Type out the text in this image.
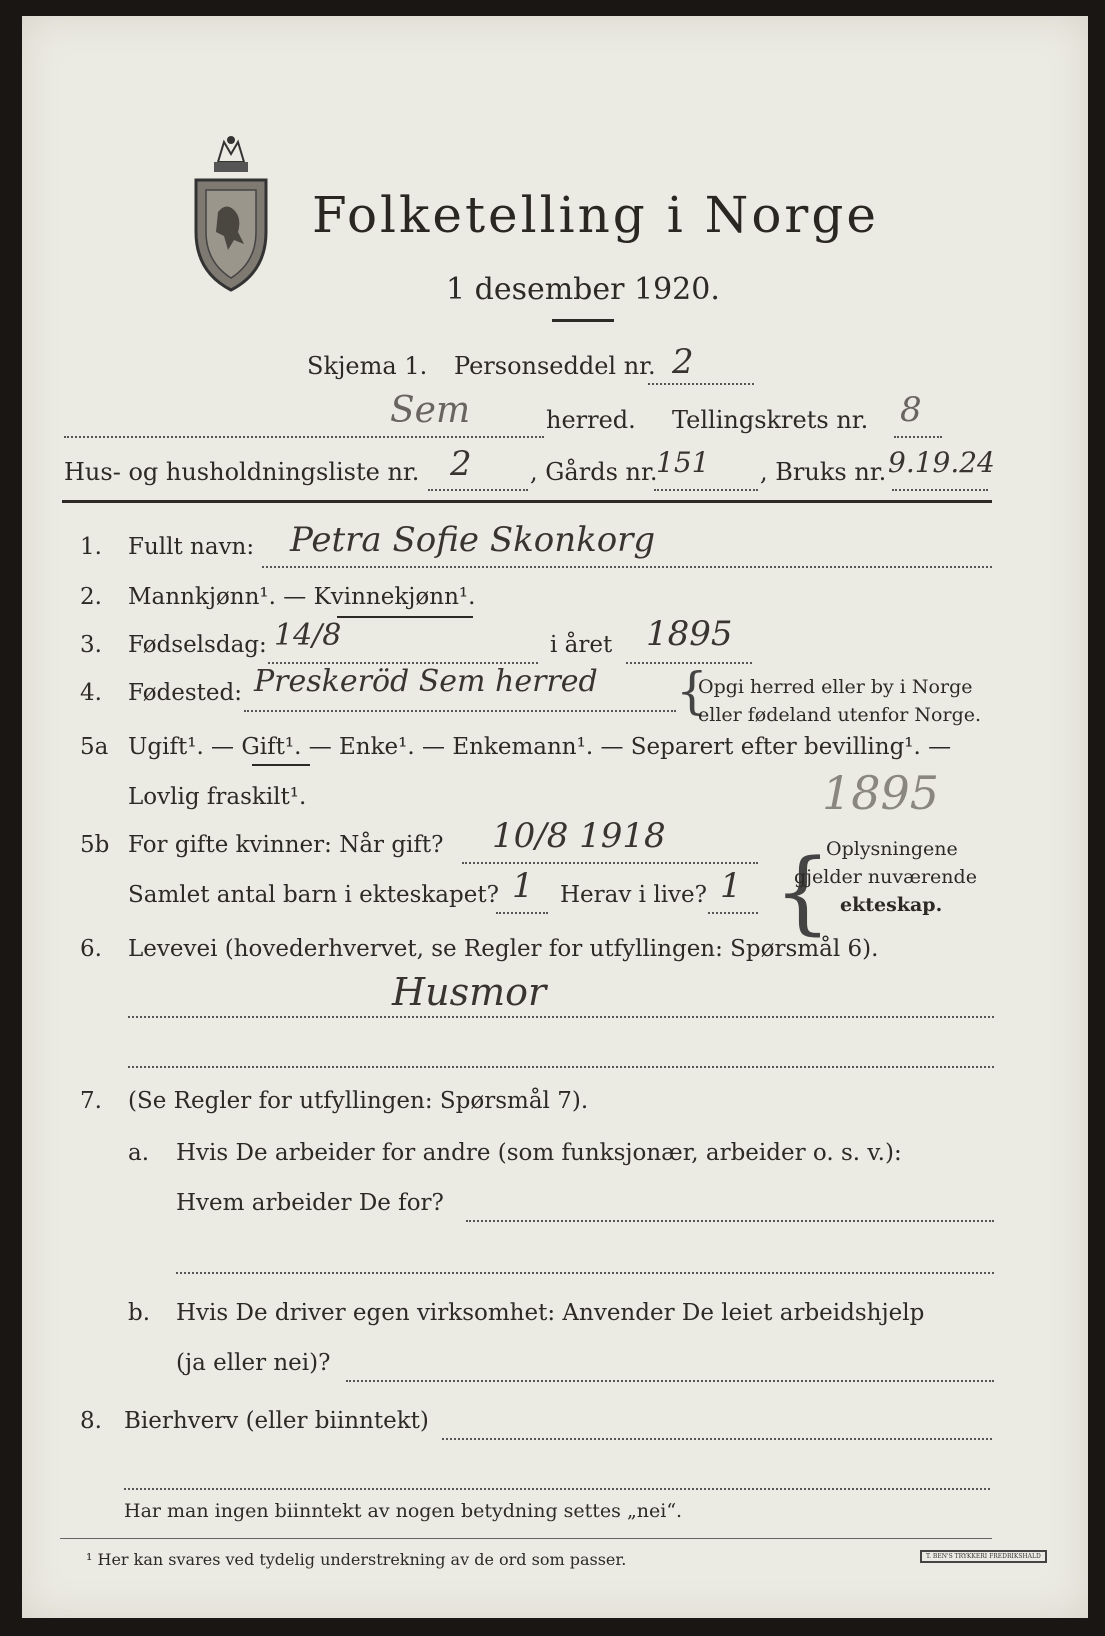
Folketelling i Norge
1 desember 1920.
Skjema 1. Personseddel nr. 2
Sem	herred. Tellingskrets nr. 8
Hus- og husholdningsliste nr. 2 , Gårds nr.
151 , Bruks nr. 9.19.24
1. Fullt navn: Petra Sofie Skonkorg
2. Mannkjønn¹. — Kvinnekjønn¹.
3. Fødselsdag: 14/8	i året 1895
4. Fødested: Preskeröd Sem herred {
Opgi herred eller by i Norge
eller fødeland utenfor Norge.
5a Ugift¹. — Gift¹. — Enke¹. — Enkemann¹. — Separert efter bevilling¹. —
Lovlig fraskilt¹.	1895
5b For gifte kvinner: Når gift? 10/8 1918
Samlet antal barn i ekteskapet? 1 Herav i live? 1 {
Oplysningene
gjelder nuværende
ekteskap.
6. Levevei (hovederhvervet, se Regler for utfyllingen: Spørsmål 6).
Husmor
7. (Se Regler for utfyllingen: Spørsmål 7).
a. Hvis De arbeider for andre (som funksjonær, arbeider o. s. v.):
Hvem arbeider De for?
b. Hvis De driver egen virksomhet: Anvender De leiet arbeidshjelp
(ja eller nei)?
8. Bierhverv (eller biinntekt)
Har man ingen biinntekt av nogen betydning settes „nei“.
¹ Her kan svares ved tydelig understrekning av de ord som passer.	T. BEN'S TRYKKERI FREDRIKSHALD
